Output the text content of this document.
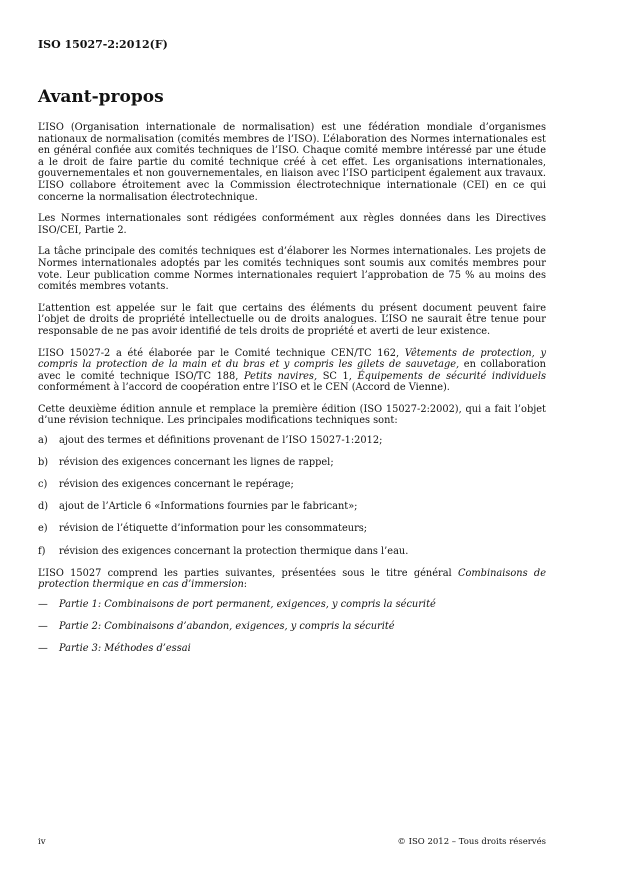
ISO 15027-2:2012(F)
Avant-propos

L’ISO (Organisation internationale de normalisation) est une fédération mondiale d’organismes nationaux de normalisation (comités membres de l’ISO). L’élaboration des Normes internationales est en général confiée aux comités techniques de l’ISO. Chaque comité membre intéressé par une étude a le droit de faire partie du comité technique créé à cet effet. Les organisations internationales, gouvernementales et non gouvernementales, en liaison avec l’ISO participent également aux travaux. L’ISO collabore étroitement avec la Commission électrotechnique internationale (CEI) en ce qui concerne la normalisation électrotechnique.

Les Normes internationales sont rédigées conformément aux règles données dans les Directives ISO/CEI, Partie 2.

La tâche principale des comités techniques est d’élaborer les Normes internationales. Les projets de Normes internationales adoptés par les comités techniques sont soumis aux comités membres pour vote. Leur publication comme Normes internationales requiert l’approbation de 75 % au moins des comités membres votants.

L’attention est appelée sur le fait que certains des éléments du présent document peuvent faire l’objet de droits de propriété intellectuelle ou de droits analogues. L’ISO ne saurait être tenue pour responsable de ne pas avoir identifié de tels droits de propriété et averti de leur existence.

L’ISO 15027-2 a été élaborée par le Comité technique CEN/TC 162, Vêtements de protection, y compris la protection de la main et du bras et y compris les gilets de sauvetage, en collaboration avec le comité technique ISO/TC 188, Petits navires, SC 1, Équipements de sécurité individuels conformément à l’accord de coopération entre l’ISO et le CEN (Accord de Vienne).

Cette deuxième édition annule et remplace la première édition (ISO 15027-2:2002), qui a fait l’objet d’une révision technique. Les principales modifications techniques sont:

a)	ajout des termes et définitions provenant de l’ISO 15027-1:2012;
b)	révision des exigences concernant les lignes de rappel;
c)	révision des exigences concernant le repérage;
d)	ajout de l’Article 6 «Informations fournies par le fabricant»;
e)	révision de l’étiquette d’information pour les consommateurs;
f)	révision des exigences concernant la protection thermique dans l’eau.

L’ISO 15027 comprend les parties suivantes, présentées sous le titre général Combinaisons de protection thermique en cas d’immersion:

—	Partie 1: Combinaisons de port permanent, exigences, y compris la sécurité
—	Partie 2: Combinaisons d’abandon, exigences, y compris la sécurité
—	Partie 3: Méthodes d’essai
iv	© ISO 2012 – Tous droits réservés
